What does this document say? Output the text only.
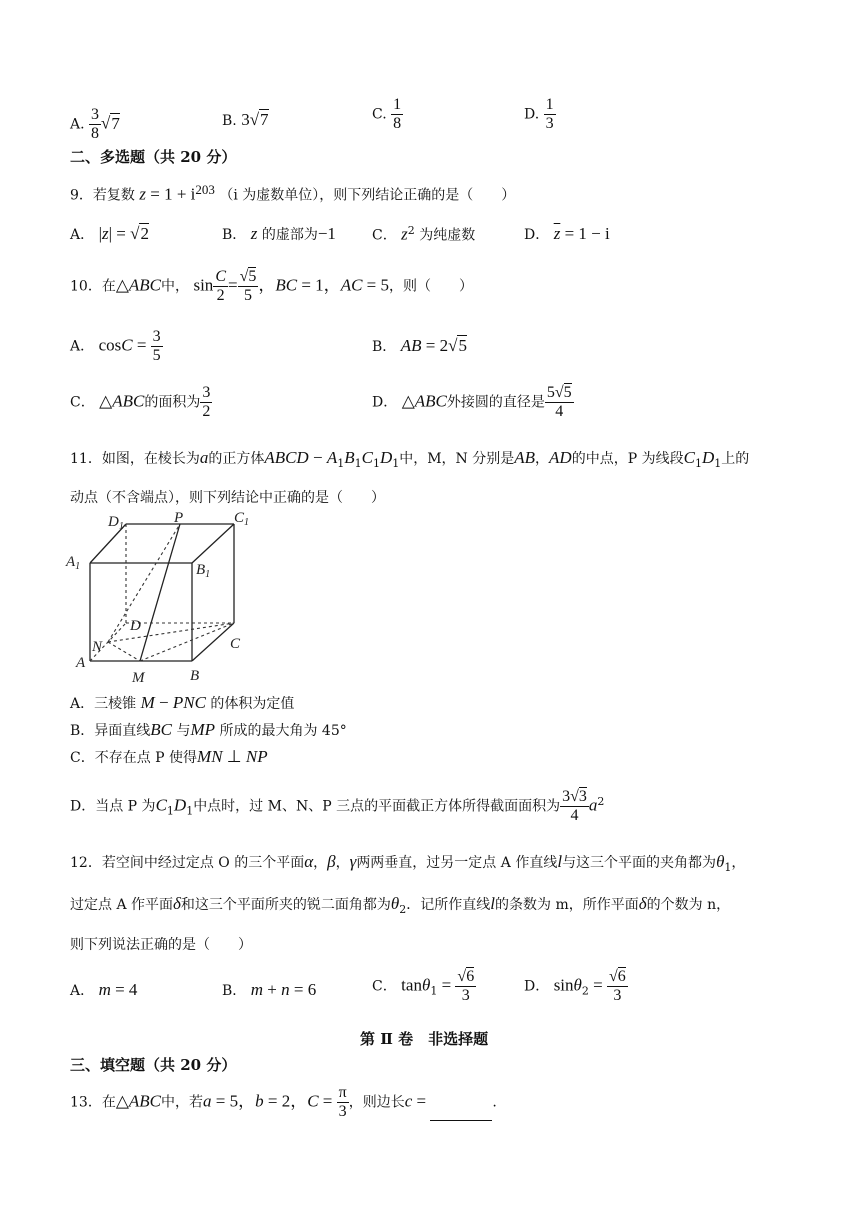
A. $\frac{3}{8} √7$	B. 3√7	C. $\frac{1}{8}$	D. $\frac{1}{3}$
二、多选题（共 20 分）
9．若复数 $z = 1 + i^{203}$ （i 为虚数单位），则下列结论正确的是（　　）
A． |z| = √2	B． z 的虚部为−1	C． $z^2$ 为纯虚数	D． $\overline{z} = 1 - i$
10．在△ABC中， $\sin \frac{C}{2} = \frac{√5}{5}$ ，BC = 1，AC = 5，则（　　）
A． $\cos C = \frac{3}{5}$	B． AB = 2√5
C． △ABC的面积为 $\frac{3}{2}$	D． △ABC外接圆的直径是 $\frac{5√5}{4}$
11．如图，在棱长为a的正方体ABCD − $A_1B_1C_1D_1$中，M，N 分别是AB，AD的中点，P 为线段$C_1D_1$上的
动点（不含端点），则下列结论中正确的是（　　）
$D_1$
P	$C_1$
$A_1$	$B_1$
D
N	C
A
M	B
A．三棱锥 M − PNC 的体积为定值
B．异面直线BC 与MP 所成的最大角为 45°
C．不存在点 P 使得MN ⊥ NP
D．当点 P 为$C_1D_1$中点时，过 M、N、P 三点的平面截正方体所得截面面积为 $\frac{3√3}{4} a^2$
12．若空间中经过定点 O 的三个平面α，β，γ两两垂直，过另一定点 A 作直线l与这三个平面的夹角都为$\theta_1$，
过定点 A 作平面δ和这三个平面所夹的锐二面角都为$\theta_2$．记所作直线l的条数为 m，所作平面δ的个数为 n，
则下列说法正确的是（　　）
A． m = 4	B． m + n = 6	C． $\tan\theta_1 = \frac{√6}{3}$	D． $\sin\theta_2 = \frac{√6}{3}$
第 Ⅱ 卷　非选择题
三、填空题（共 20 分）
13．在△ABC中，若a = 5，b = 2，$C = \frac{\pi}{3}$ ，则边长c =	.
